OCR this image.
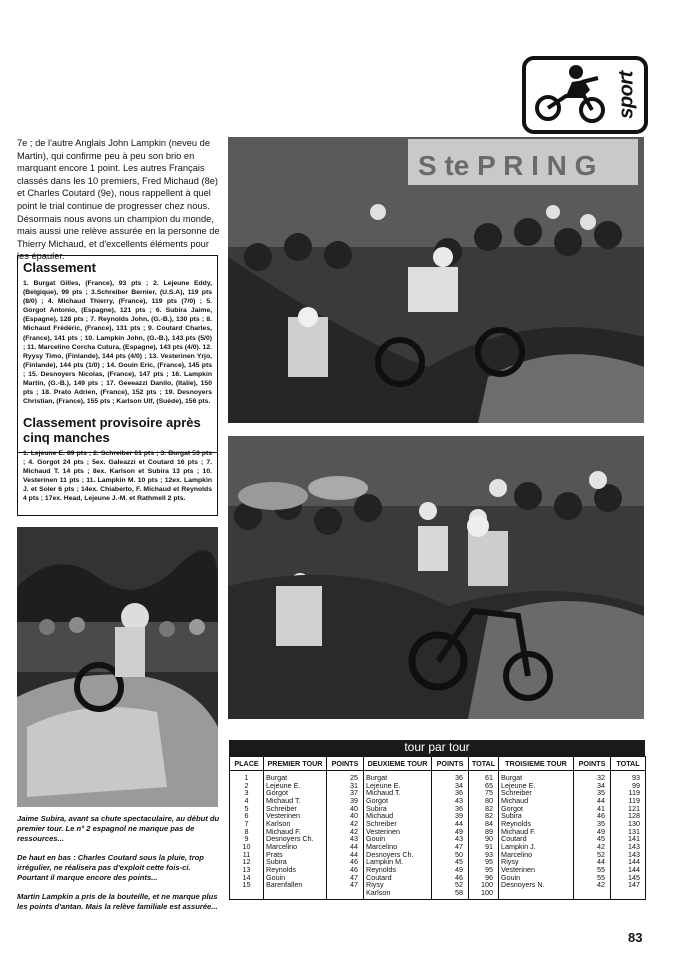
sport
7e ; de l'autre Anglais John Lampkin (neveu de Martin), qui confirme peu à peu son brio en marquant encore 1 point. Les autres Français classés dans les 10 premiers, Fred Michaud (8e) et Charles Coutard (9e), nous rappellent à quel point le trial continue de progresser chez nous. Désormais nous avons un champion du monde, mais aussi une relève assurée en la personne de Thierry Michaud, et d'excellents éléments pour les épauler.
Classement

1. Burgat Gilles, (France), 93 pts ; 2. Lejeune Eddy, (Belgique), 99 pts ; 3.Schreiber Bernier, (U.S.A), 119 pts (8/0) ; 4. Michaud Thierry, (France), 119 pts (7/0) ; 5. Gorgot Antonio, (Espagne), 121 pts ; 6. Subira Jaime, (Espagne), 128 pts ; 7. Reynolds John, (G.-B.), 130 pts ; 8. Michaud Frédéric, (France), 131 pts ; 9. Coutard Charles, (France), 141 pts ; 10. Lampkin John, (G.-B.), 143 pts (5/0) ; 11. Marcelino Corcha Cutura, (Espagne), 143 pts (4/0). 12. Ryysy Timo, (Finlande), 144 pts (4/0) ; 13. Vesterinen Yrjo, (Finlande), 144 pts (1/0) ; 14. Gouin Eric, (France), 145 pts ; 15. Desnoyers Nicolas, (France), 147 pts ; 16. Lampkin Martin, (G.-B.), 149 pts ; 17. Geeeazzi Danilo, (Italie), 150 pts ; 18. Prato Adrien, (France), 152 pts ; 19. Desnoyers Christian, (France), 155 pts ; Karlson Ulf, (Suède), 156 pts.

Classement provisoire après cinq manches

1. Lejeune E. 89 pts ; 2. Schreiber 61 pts ; 3. Burgat 53 pts ; 4. Gorgot 24 pts ; 5ex. Galeazzi et Coutard 16 pts ; 7. Michaud T. 14 pts ; 8ex. Karlson et Subira 13 pts ; 10. Vesterinen 11 pts ; 11. Lampkin M. 10 pts ; 12ex. Lampkin J. et Soler 6 pts ; 14ex. Chiaberto, F. Michaud et Reynolds 4 pts ; 17ex. Head, Lejeune J.-M. et Rathmell 2 pts.

Jaime Subira, avant sa chute spectaculaire, au début du premier tour. Le n° 2 espagnol ne manque pas de ressources...

De haut en bas : Charles Coutard sous la pluie, trop irrégulier, ne réalisera pas d'exploit cette fois-ci. Pourtant il marque encore des points...

Martin Lampkin a pris de la bouteille, et ne marque plus les points d'antan. Mais la relève familiale est assurée...

S te P R I N G
tour par tour
PLACE	PREMIER TOUR	POINTS	DEUXIEME TOUR	POINTS	TOTAL	TROISIEME TOUR	POINTS	TOTAL
1	Burgat	25	Burgat	36	61	Burgat	32	93
2	Lejeune E.	31	Lejeune E.	34	65	Lejeune E.	34	99
3	Gorgot	37	Michaud T.	36	75	Schreiber	35	119
4	Michaud T.	39	Gorgot	43	80	Michaud	44	119
5	Schreiber	40	Subira	36	82	Gorgot	41	121
6	Vesterinen	40	Michaud	39	82	Subira	46	128
7	Karlson	42	Schreiber	44	84	Reynolds	35	130
8	Michaud F.	42	Vesterinen	49	89	Michaud F.	49	131
9	Desnoyers Ch.	43	Gouin	43	90	Coutard	45	141
10	Marcelino	44	Marcelino	47	91	Lampkin J.	42	143
11	Prats	44	Desnoyers Ch.	50	93	Marcelino	52	143
12	Subira	46	Lampkin M.	45	95	Riysy	44	144
13	Reynolds	46	Reynolds	49	95	Vesterinen	55	144
14	Gouin	47	Coutard	46	96	Gouin	55	145
15	Barenfallen	47	Riysy	52	100	Desnoyers N.	42	147
			Karlson	58	100			
83
